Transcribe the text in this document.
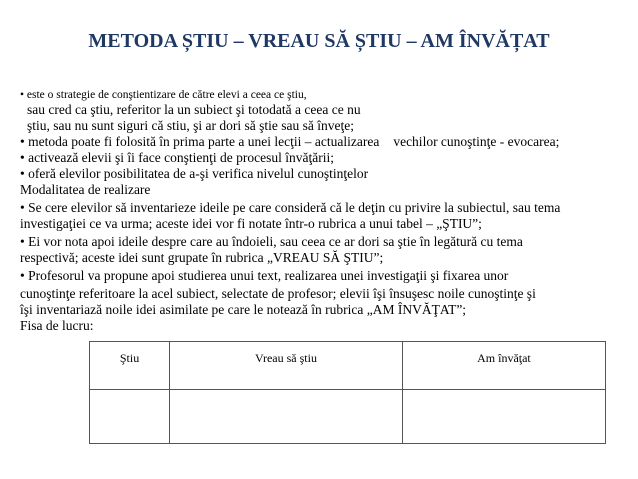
METODA ȘTIU – VREAU SĂ ȘTIU – AM ÎNVĂȚAT
• este o strategie de conştientizare de către elevi a ceea ce ştiu,
sau cred ca ştiu, referitor la un subiect şi totodată a ceea ce nu
ştiu, sau nu sunt siguri că stiu, şi ar dori să ştie sau să înveţe;
• metoda poate fi folosită în prima parte a unei lecţii – actualizarea vechilor cunoştinţe - evocarea;
• activează elevii şi îi face conştienţi de procesul învăţării;
• oferă elevilor posibilitatea de a-şi verifica nivelul cunoştinţelor
Modalitatea de realizare
• Se cere elevilor să inventarieze ideile pe care consideră că le deţin cu privire la subiectul, sau tema
investigaţiei ce va urma; aceste idei vor fi notate într-o rubrica a unui tabel – „ŞTIU”;
• Ei vor nota apoi ideile despre care au îndoieli, sau ceea ce ar dori sa ştie în legătură cu tema
respectivă; aceste idei sunt grupate în rubrica „VREAU SĂ ŞTIU”;
• Profesorul va propune apoi studierea unui text, realizarea unei investigaţii şi fixarea unor
cunoştinţe referitoare la acel subiect, selectate de profesor; elevii îşi însuşesc noile cunoştinţe şi
îşi inventariază noile idei asimilate pe care le notează în rubrica „AM ÎNVĂŢAT”;
Fisa de lucru:
Ştiu	Vreau să ştiu	Am învăţat
